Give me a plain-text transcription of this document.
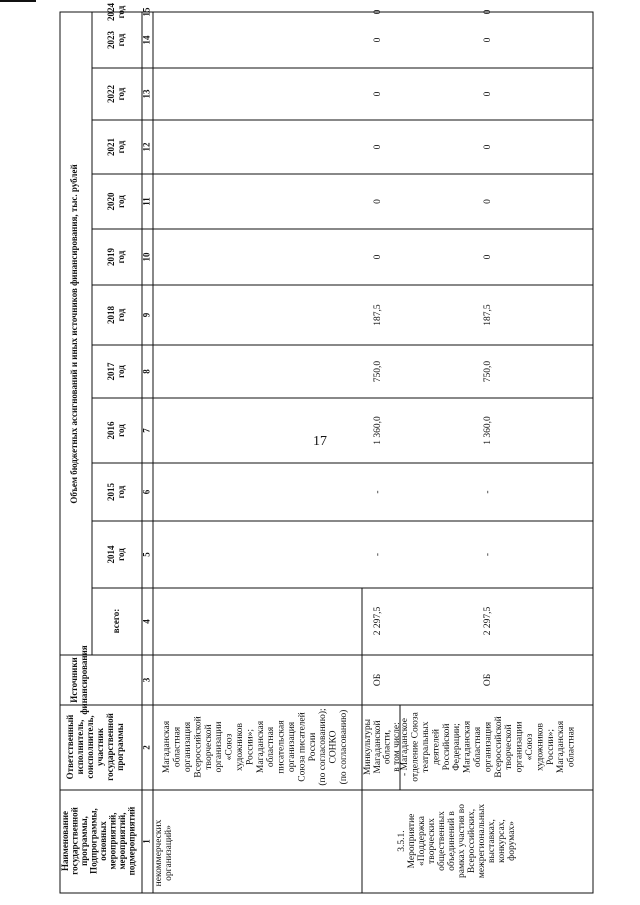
17
Наименование государственной программы, Подпрограммы, основных мероприятий, мероприятий, подмероприятий
Ответственный исполнитель, соисполнитель, участник государственной программы
Источники финансирования
Объем бюджетных ассигнований и иных источников финансирования, тыс. рублей
всего:
2014 год
2015 год
2016 год
2017 год
2018 год
2019 год
2020 год
2021 год
2022 год
2023 год
2024 год
1
2
3
4
5
6
7
8
9
10
11
12
13
14
15
некоммерческих организаций»
Магаданская областная организация Всероссийской творческой организации «Союз художников России»; Магаданская областная писательская организация Союза писателей России (по согласованию); СОНКО (по согласованию) Минкультуры Магаданской области, в том числе:
ОБ
2 297,5
-
-
1 360,0
750,0
187,5
0
0
0
0
0
0
3.5.1. Мероприятие «Поддержка творческих общественных объединений в рамках участия во Всероссийских, межрегиональных выставках, конкурсах, форумах»
- Магаданское отделение Союза театральных деятелей Российской Федерации; Магаданская областная организация Всероссийской творческой организации «Союз художников России»; Магаданская областная
ОБ
2 297,5
-
-
1 360,0
750,0
187,5
0
0
0
0
0
0
